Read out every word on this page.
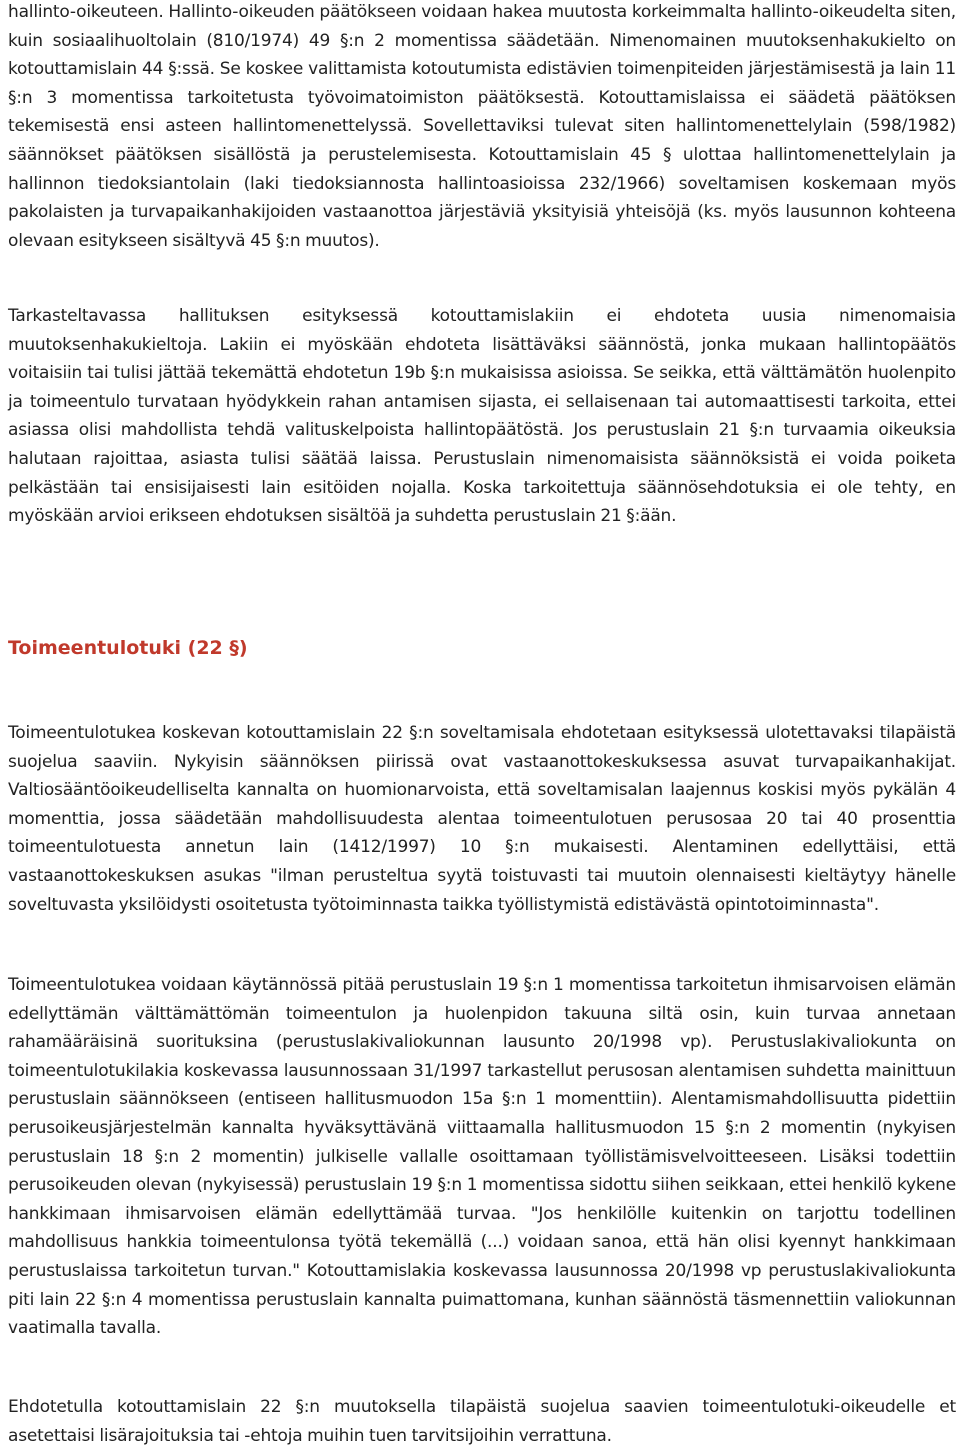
hallinto-oikeuteen. Hallinto-oikeuden päätökseen voidaan hakea muutosta korkeimmalta hallinto-oikeudelta siten, kuin sosiaalihuoltolain (810/1974) 49 §:n 2 momentissa säädetään. Nimenomainen muutoksenhakukielto on kotouttamislain 44 §:ssä. Se koskee valittamista kotoutumista edistävien toimenpiteiden järjestämisestä ja lain 11 §:n 3 momentissa tarkoitetusta työvoimatoimiston päätöksestä. Kotouttamislaissa ei säädetä päätöksen tekemisestä ensi asteen hallintomenettelyssä. Sovellettaviksi tulevat siten hallintomenettelylain (598/1982) säännökset päätöksen sisällöstä ja perustelemisesta. Kotouttamislain 45 § ulottaa hallintomenettelylain ja hallinnon tiedoksiantolain (laki tiedoksiannosta hallintoasioissa 232/1966) soveltamisen koskemaan myös pakolaisten ja turvapaikanhakijoiden vastaanottoa järjestäviä yksityisiä yhteisöjä (ks. myös lausunnon kohteena olevaan esitykseen sisältyvä 45 §:n muutos).

Tarkasteltavassa hallituksen esityksessä kotouttamislakiin ei ehdoteta uusia nimenomaisia muutoksenhakukieltoja. Lakiin ei myöskään ehdoteta lisättäväksi säännöstä, jonka mukaan hallintopäätös voitaisiin tai tulisi jättää tekemättä ehdotetun 19b §:n mukaisissa asioissa. Se seikka, että välttämätön huolenpito ja toimeentulo turvataan hyödykkein rahan antamisen sijasta, ei sellaisenaan tai automaattisesti tarkoita, ettei asiassa olisi mahdollista tehdä valituskelpoista hallintopäätöstä. Jos perustuslain 21 §:n turvaamia oikeuksia halutaan rajoittaa, asiasta tulisi säätää laissa. Perustuslain nimenomaisista säännöksistä ei voida poiketa pelkästään tai ensisijaisesti lain esitöiden nojalla. Koska tarkoitettuja säännösehdotuksia ei ole tehty, en myöskään arvioi erikseen ehdotuksen sisältöä ja suhdetta perustuslain 21 §:ään.

Toimeentulotuki (22 §)

Toimeentulotukea koskevan kotouttamislain 22 §:n soveltamisala ehdotetaan esityksessä ulotettavaksi tilapäistä suojelua saaviin. Nykyisin säännöksen piirissä ovat vastaanottokeskuksessa asuvat turvapaikanhakijat. Valtiosääntöoikeudelliselta kannalta on huomionarvoista, että soveltamisalan laajennus koskisi myös pykälän 4 momenttia, jossa säädetään mahdollisuudesta alentaa toimeentulotuen perusosaa 20 tai 40 prosenttia toimeentulotuesta annetun lain (1412/1997) 10 §:n mukaisesti. Alentaminen edellyttäisi, että vastaanottokeskuksen asukas "ilman perusteltua syytä toistuvasti tai muutoin olennaisesti kieltäytyy hänelle soveltuvasta yksilöidysti osoitetusta työtoiminnasta taikka työllistymistä edistävästä opintotoiminnasta".

Toimeentulotukea voidaan käytännössä pitää perustuslain 19 §:n 1 momentissa tarkoitetun ihmisarvoisen elämän edellyttämän välttämättömän toimeentulon ja huolenpidon takuuna siltä osin, kuin turvaa annetaan rahamääräisinä suorituksina (perustuslakivaliokunnan lausunto 20/1998 vp). Perustuslakivaliokunta on toimeentulotukilakia koskevassa lausunnossaan 31/1997 tarkastellut perusosan alentamisen suhdetta mainittuun perustuslain säännökseen (entiseen hallitusmuodon 15a §:n 1 momenttiin). Alentamismahdollisuutta pidettiin perusoikeusjärjestelmän kannalta hyväksyttävänä viittaamalla hallitusmuodon 15 §:n 2 momentin (nykyisen perustuslain 18 §:n 2 momentin) julkiselle vallalle osoittamaan työllistämisvelvoitteeseen. Lisäksi todettiin perusoikeuden olevan (nykyisessä) perustuslain 19 §:n 1 momentissa sidottu siihen seikkaan, ettei henkilö kykene hankkimaan ihmisarvoisen elämän edellyttämää turvaa. "Jos henkilölle kuitenkin on tarjottu todellinen mahdollisuus hankkia toimeentulonsa työtä tekemällä (...) voidaan sanoa, että hän olisi kyennyt hankkimaan perustuslaissa tarkoitetun turvan." Kotouttamislakia koskevassa lausunnossa 20/1998 vp perustuslakivaliokunta piti lain 22 §:n 4 momentissa perustuslain kannalta puimattomana, kunhan säännöstä täsmennettiin valiokunnan vaatimalla tavalla.

Ehdotetulla kotouttamislain 22 §:n muutoksella tilapäistä suojelua saavien toimeentulotuki-oikeudelle et asetettaisi lisärajoituksia tai -ehtoja muihin tuen tarvitsijoihin verrattuna.
